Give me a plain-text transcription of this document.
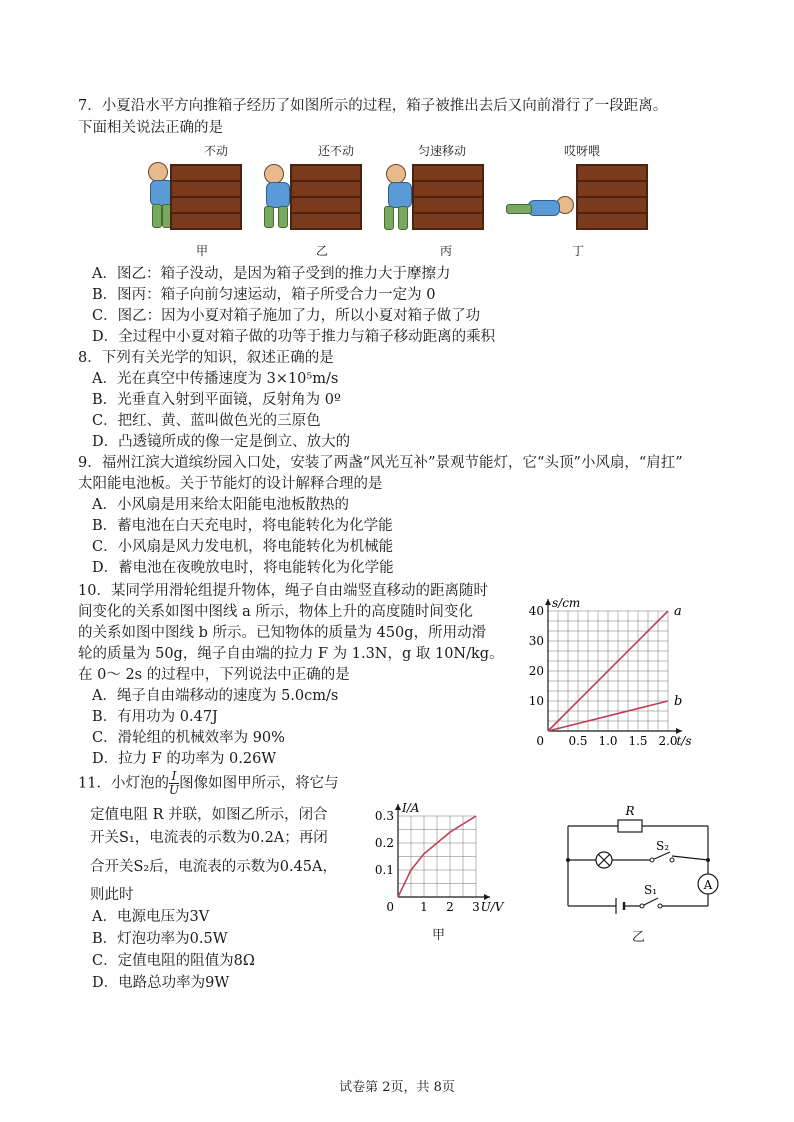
7．小夏沿水平方向推箱子经历了如图所示的过程，箱子被推出去后又向前滑行了一段距离。
下面相关说法正确的是
不动
甲
还不动
乙
匀速移动
丙
哎呀喂
丁
A．图乙：箱子没动，是因为箱子受到的推力大于摩擦力
B．图丙：箱子向前匀速运动，箱子所受合力一定为 0
C．图乙：因为小夏对箱子施加了力，所以小夏对箱子做了功
D．全过程中小夏对箱子做的功等于推力与箱子移动距离的乘积
8．下列有关光学的知识，叙述正确的是
A．光在真空中传播速度为 3×10⁵m/s
B．光垂直入射到平面镜，反射角为 0º
C．把红、黄、蓝叫做色光的三原色
D．凸透镜所成的像一定是倒立、放大的
9．福州江滨大道缤纷园入口处，安装了两盏“风光互补”景观节能灯，它“头顶”小风扇，“肩扛”
太阳能电池板。关于节能灯的设计解释合理的是
A．小风扇是用来给太阳能电池板散热的
B．蓄电池在白天充电时，将电能转化为化学能
C．小风扇是风力发电机，将电能转化为机械能
D．蓄电池在夜晚放电时，将电能转化为化学能
10．某同学用滑轮组提升物体，绳子自由端竖直移动的距离随时
间变化的关系如图中图线 a 所示，物体上升的高度随时间变化
的关系如图中图线 b 所示。已知物体的质量为 450g，所用动滑
轮的质量为 50g，绳子自由端的拉力 F 为 1.3N，g 取 10N/kg。
在 0～ 2s 的过程中，下列说法中正确的是
A．绳子自由端移动的速度为 5.0cm/s
B．有用功为 0.47J
C．滑轮组的机械效率为 90%
D．拉力 F 的功率为 0.26W
0.5 1.0 1.5 2.0
10
20
30
40
0	t/s
s/cm
a
b
11．小灯泡的 $\frac{I}{U}$ 图像如图甲所示，将它与
定值电阻 R 并联，如图乙所示，闭合
开关S₁，电流表的示数为0.2A；再闭
合开关S₂后，电流表的示数为0.45A，
则此时
A．电源电压为3V
B．灯泡功率为0.5W
C．定值电阻的阻值为8Ω
D．电路总功率为9W
1 2 3
0.1
0.2
0.3
0	U/V
I/A
甲
A
R
S₂
S₁
乙
试卷第 2页，共 8页
